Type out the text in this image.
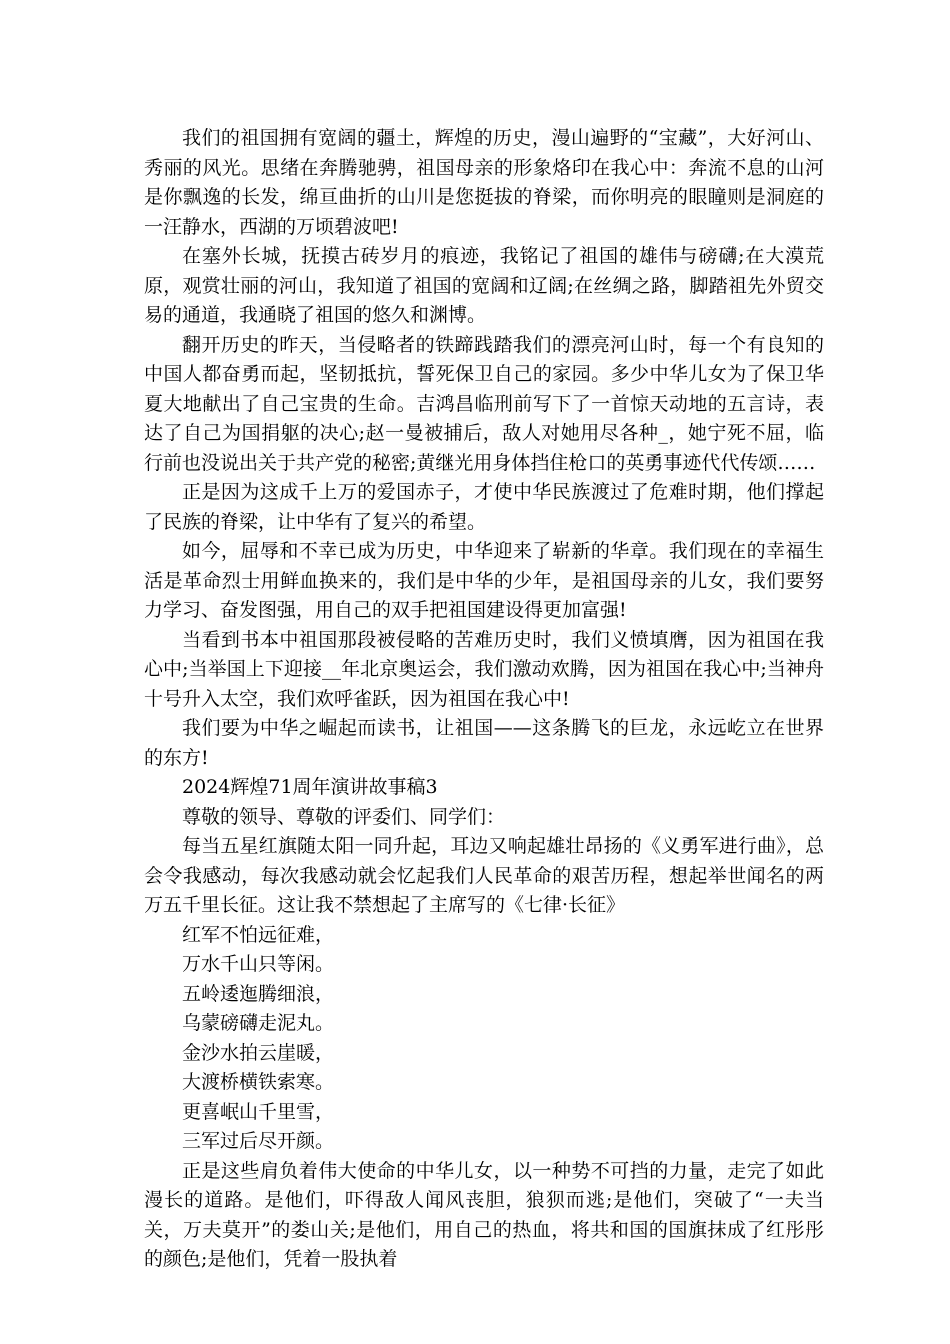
我们的祖国拥有宽阔的疆土，辉煌的历史，漫山遍野的“宝藏”，大好河山、秀丽的风光。思绪在奔腾驰骋，祖国母亲的形象烙印在我心中：奔流不息的山河是你飘逸的长发，绵亘曲折的山川是您挺拔的脊梁，而你明亮的眼瞳则是洞庭的一汪静水，西湖的万顷碧波吧!

在塞外长城，抚摸古砖岁月的痕迹，我铭记了祖国的雄伟与磅礴;在大漠荒原，观赏壮丽的河山，我知道了祖国的宽阔和辽阔;在丝绸之路，脚踏祖先外贸交易的通道，我通晓了祖国的悠久和渊博。

翻开历史的昨天，当侵略者的铁蹄践踏我们的漂亮河山时，每一个有良知的中国人都奋勇而起，坚韧抵抗，誓死保卫自己的家园。多少中华儿女为了保卫华夏大地献出了自己宝贵的生命。吉鸿昌临刑前写下了一首惊天动地的五言诗，表达了自己为国捐躯的决心;赵一曼被捕后，敌人对她用尽各种_，她宁死不屈，临行前也没说出关于共产党的秘密;黄继光用身体挡住枪口的英勇事迹代代传颂……

正是因为这成千上万的爱国赤子，才使中华民族渡过了危难时期，他们撑起了民族的脊梁，让中华有了复兴的希望。

如今，屈辱和不幸已成为历史，中华迎来了崭新的华章。我们现在的幸福生活是革命烈士用鲜血换来的，我们是中华的少年，是祖国母亲的儿女，我们要努力学习、奋发图强，用自己的双手把祖国建设得更加富强!

当看到书本中祖国那段被侵略的苦难历史时，我们义愤填膺，因为祖国在我心中;当举国上下迎接__年北京奥运会，我们激动欢腾，因为祖国在我心中;当神舟十号升入太空，我们欢呼雀跃，因为祖国在我心中!

我们要为中华之崛起而读书，让祖国——这条腾飞的巨龙，永远屹立在世界的东方!

2024辉煌71周年演讲故事稿3

尊敬的领导、尊敬的评委们、同学们：

每当五星红旗随太阳一同升起，耳边又响起雄壮昂扬的《义勇军进行曲》，总会令我感动，每次我感动就会忆起我们人民革命的艰苦历程，想起举世闻名的两万五千里长征。这让我不禁想起了主席写的《七律·长征》

红军不怕远征难，

万水千山只等闲。

五岭逶迤腾细浪，

乌蒙磅礴走泥丸。

金沙水拍云崖暖，

大渡桥横铁索寒。

更喜岷山千里雪，

三军过后尽开颜。

正是这些肩负着伟大使命的中华儿女，以一种势不可挡的力量，走完了如此漫长的道路。是他们，吓得敌人闻风丧胆，狼狈而逃;是他们，突破了“一夫当关，万夫莫开”的娄山关;是他们，用自己的热血，将共和国的国旗抹成了红彤彤的颜色;是他们，凭着一股执着
